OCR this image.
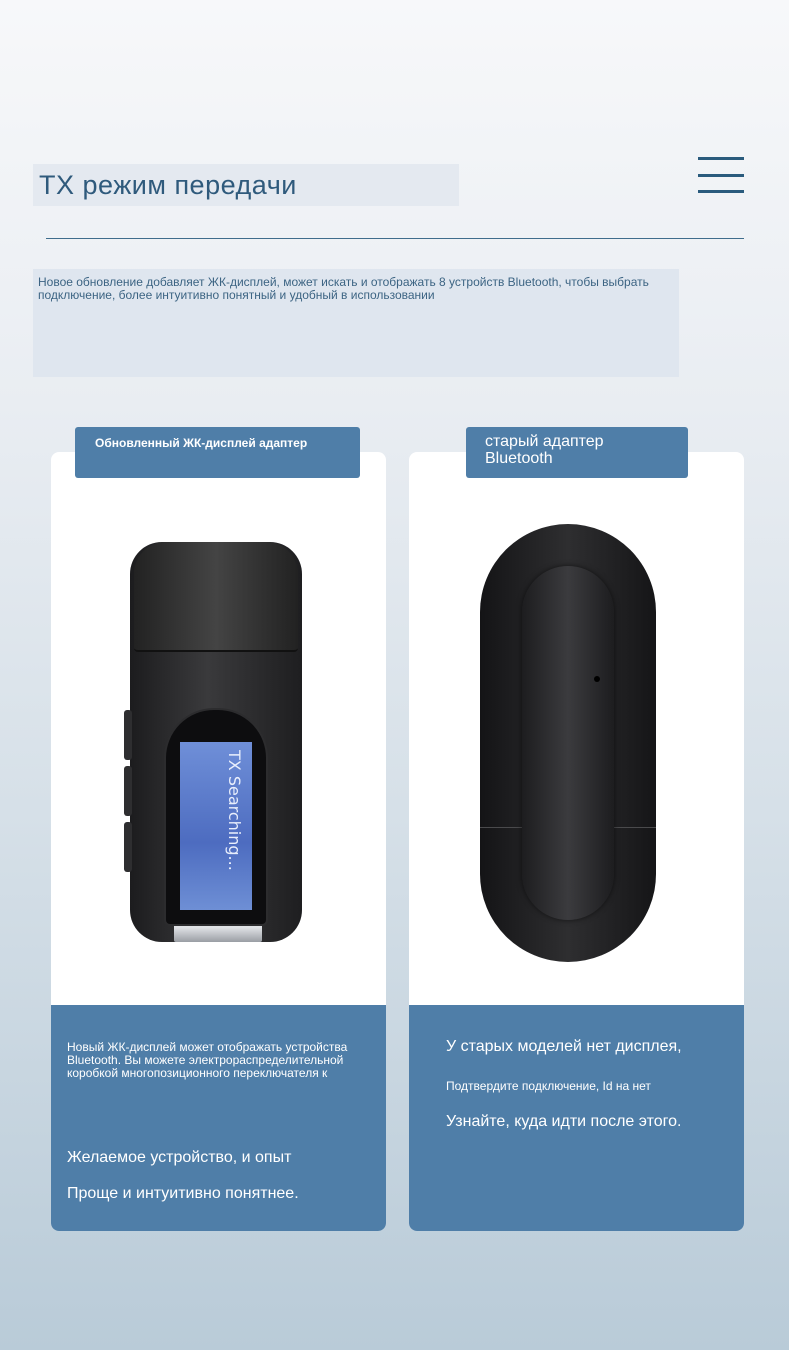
TX режим передачи
Новое обновление добавляет ЖК-дисплей, может искать и отображать 8 устройств Bluetooth, чтобы выбрать подключение, более интуитивно понятный и удобный в использовании
TX Searching...
Новый ЖК-дисплей может отображать устройства Bluetooth. Вы можете электрораспределительной коробкой многопозиционного переключателя к
Желаемое устройство, и опыт
Проще и интуитивно понятнее.
Обновленный ЖК-дисплей адаптер
У старых моделей нет дисплея,
Подтвердите подключение, Id на нет
Узнайте, куда идти после этого.
старый адаптер Bluetooth
